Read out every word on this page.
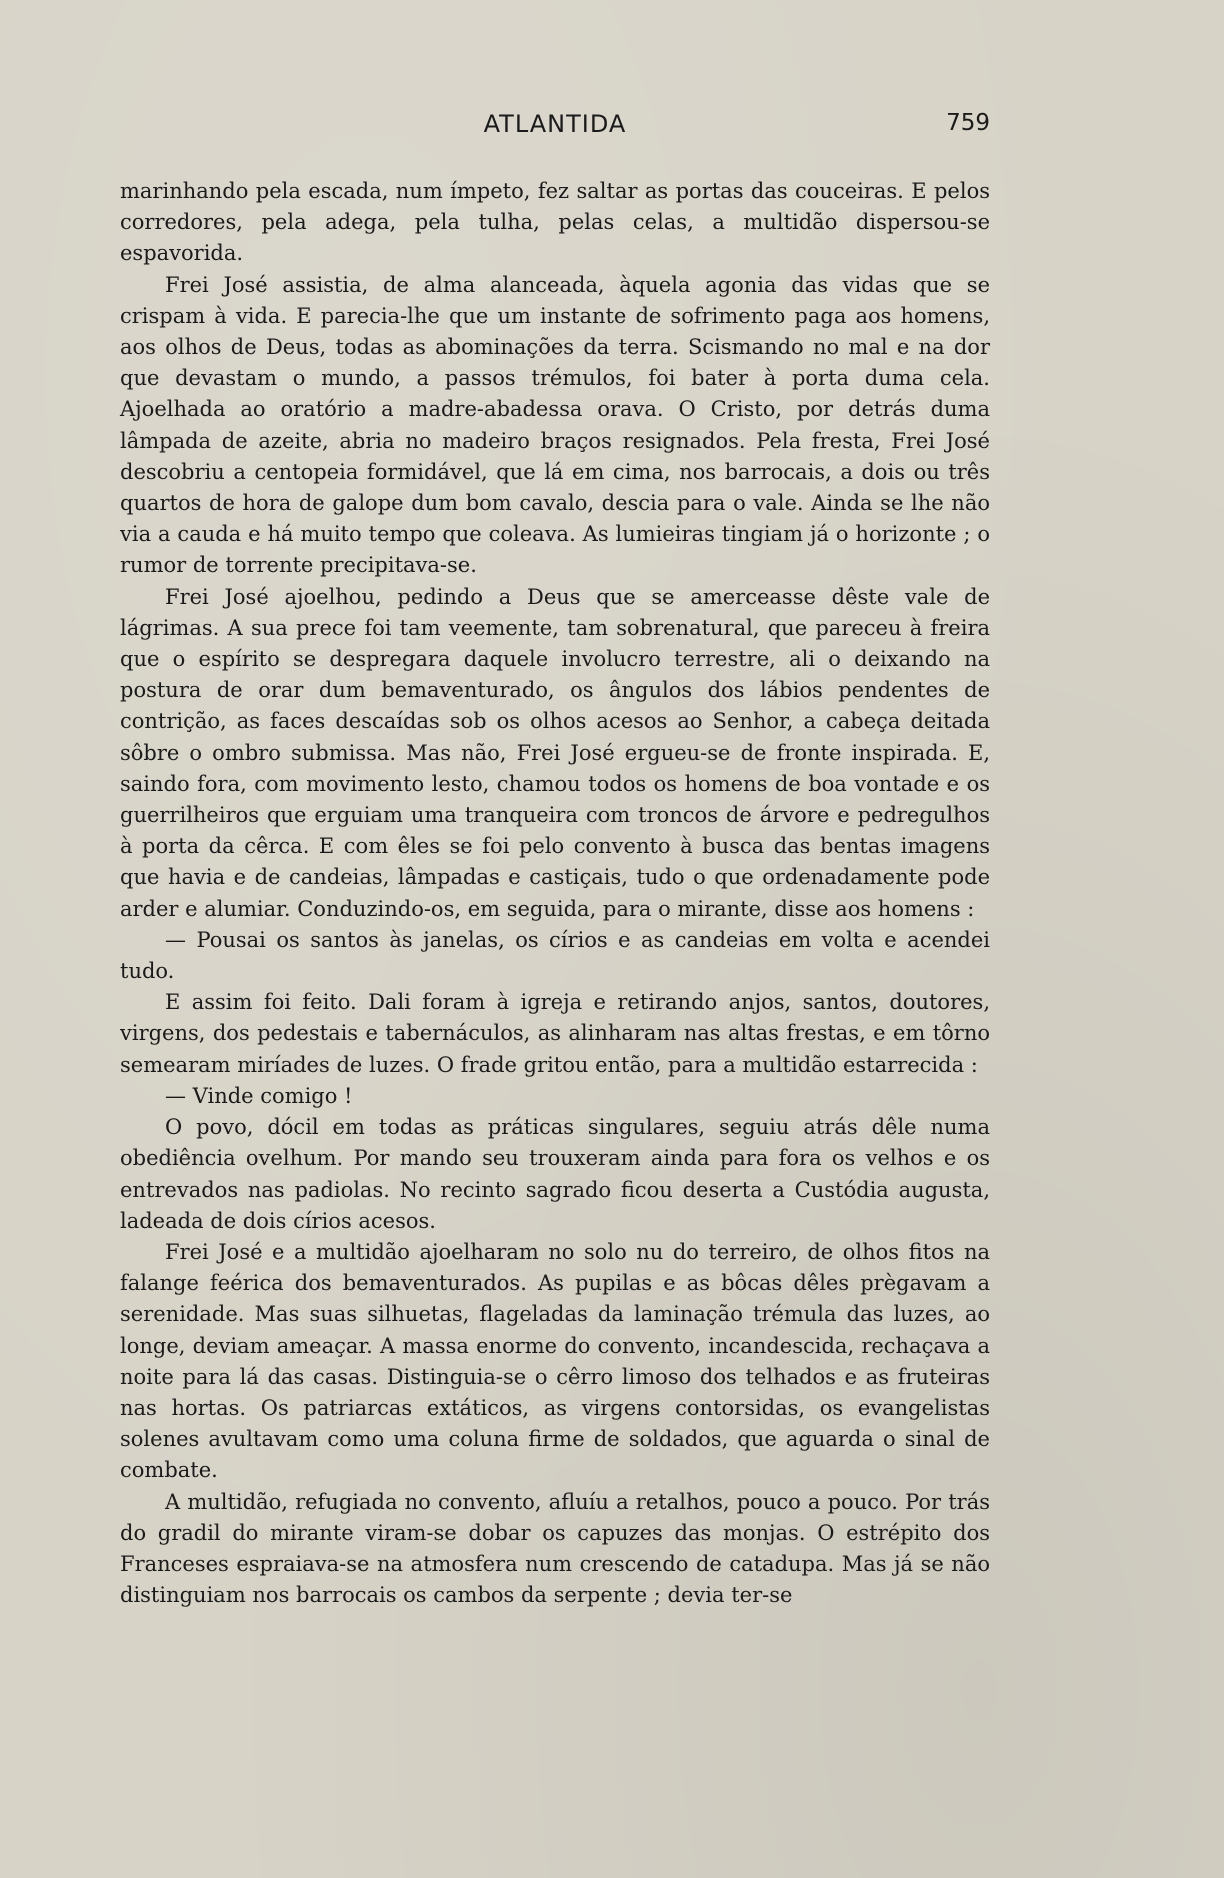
ATLANTIDA	759

marinhando pela escada, num ímpeto, fez saltar as portas das couceiras. E pelos corredores, pela adega, pela tulha, pelas celas, a multidão dispersou-se espavorida.

Frei José assistia, de alma alanceada, àquela agonia das vidas que se crispam à vida. E parecia-lhe que um instante de sofrimento paga aos homens, aos olhos de Deus, todas as abominações da terra. Scismando no mal e na dor que devastam o mundo, a passos trémulos, foi bater à porta duma cela. Ajoelhada ao oratório a madre-abadessa orava. O Cristo, por detrás duma lâmpada de azeite, abria no madeiro braços resignados. Pela fresta, Frei José descobriu a centopeia formidável, que lá em cima, nos barrocais, a dois ou três quartos de hora de galope dum bom cavalo, descia para o vale. Ainda se lhe não via a cauda e há muito tempo que coleava. As lumieiras tingiam já o horizonte ; o rumor de torrente precipitava-se.

Frei José ajoelhou, pedindo a Deus que se amerceasse dêste vale de lágrimas. A sua prece foi tam veemente, tam sobrenatural, que pareceu à freira que o espírito se despregara daquele involucro terrestre, ali o deixando na postura de orar dum bemaventurado, os ângulos dos lábios pendentes de contrição, as faces descaídas sob os olhos acesos ao Senhor, a cabeça deitada sôbre o ombro submissa. Mas não, Frei José ergueu-se de fronte inspirada. E, saindo fora, com movimento lesto, chamou todos os homens de boa vontade e os guerrilheiros que erguiam uma tranqueira com troncos de árvore e pedregulhos à porta da cêrca. E com êles se foi pelo convento à busca das bentas imagens que havia e de candeias, lâmpadas e castiçais, tudo o que ordenadamente pode arder e alumiar. Conduzindo-os, em seguida, para o mirante, disse aos homens :

— Pousai os santos às janelas, os círios e as candeias em volta e acendei tudo.

E assim foi feito. Dali foram à igreja e retirando anjos, santos, doutores, virgens, dos pedestais e tabernáculos, as alinharam nas altas frestas, e em tôrno semearam miríades de luzes. O frade gritou então, para a multidão estarrecida :

— Vinde comigo !

O povo, dócil em todas as práticas singulares, seguiu atrás dêle numa obediência ovelhum. Por mando seu trouxeram ainda para fora os velhos e os entrevados nas padiolas. No recinto sagrado ficou deserta a Custódia augusta, ladeada de dois círios acesos.

Frei José e a multidão ajoelharam no solo nu do terreiro, de olhos fitos na falange feérica dos bemaventurados. As pupilas e as bôcas dêles prègavam a serenidade. Mas suas silhuetas, flageladas da laminação trémula das luzes, ao longe, deviam ameaçar. A massa enorme do convento, incandescida, rechaçava a noite para lá das casas. Distinguia-se o cêrro limoso dos telhados e as fruteiras nas hortas. Os patriarcas extáticos, as virgens contorsidas, os evangelistas solenes avultavam como uma coluna firme de soldados, que aguarda o sinal de combate.

A multidão, refugiada no convento, afluíu a retalhos, pouco a pouco. Por trás do gradil do mirante viram-se dobar os capuzes das monjas. O estrépito dos Franceses espraiava-se na atmosfera num crescendo de catadupa. Mas já se não distinguiam nos barrocais os cambos da serpente ; devia ter-se
